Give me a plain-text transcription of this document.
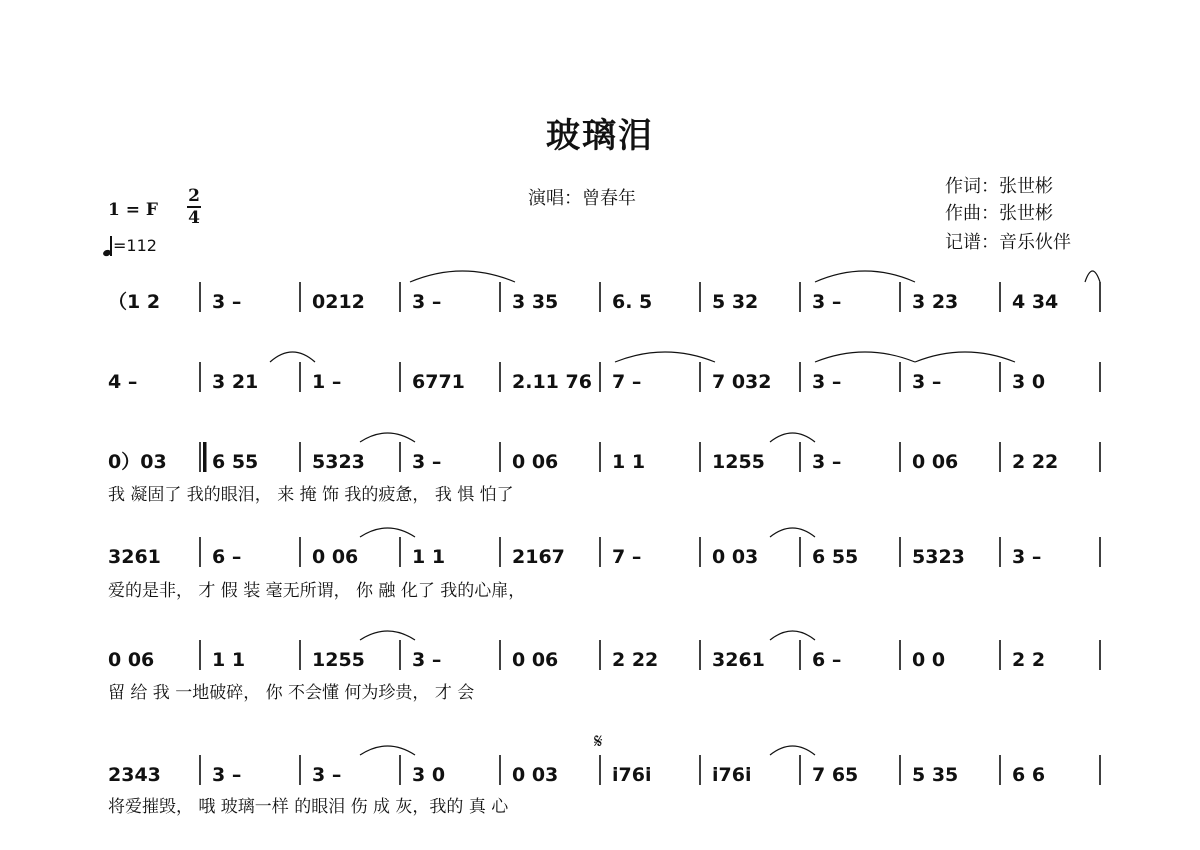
玻璃泪
演唱：曾春年
作词：张世彬
作曲：张世彬
记谱：音乐伙伴
1 = F
2
4
=112
（1 2	3 –	0212 3 –	3 35	6. 5	5 32	3 –	3 23	4 34
4 –	3 21	1 –	6771 2.11 76 7 –	7 032 3 –	3 –	3 0
0）03 6 55	5323 3 –	0 06	1 1	1255 3 –	0 06	2 22
我 凝固了 我的眼泪， 来 掩 饰 我的疲惫， 我 惧 怕了
3261	6 –	0 06	1 1	2167 7 –	0 03	6 55	5323 3 –
爱的是非， 才 假 装 毫无所谓， 你 融 化了 我的心扉，
0 06	1 1	1255 3 –	0 06	2 22	3261 6 –	0 0	2 2
留 给 我 一地破碎， 你 不会懂 何为珍贵， 才 会
2343	3 –	3 –	3 0	0 03	i76i	i76i	7 65	5 35	6 6
将爱摧毁， 哦 玻璃一样 的眼泪 伤 成 灰，我的 真 心
𝄋
